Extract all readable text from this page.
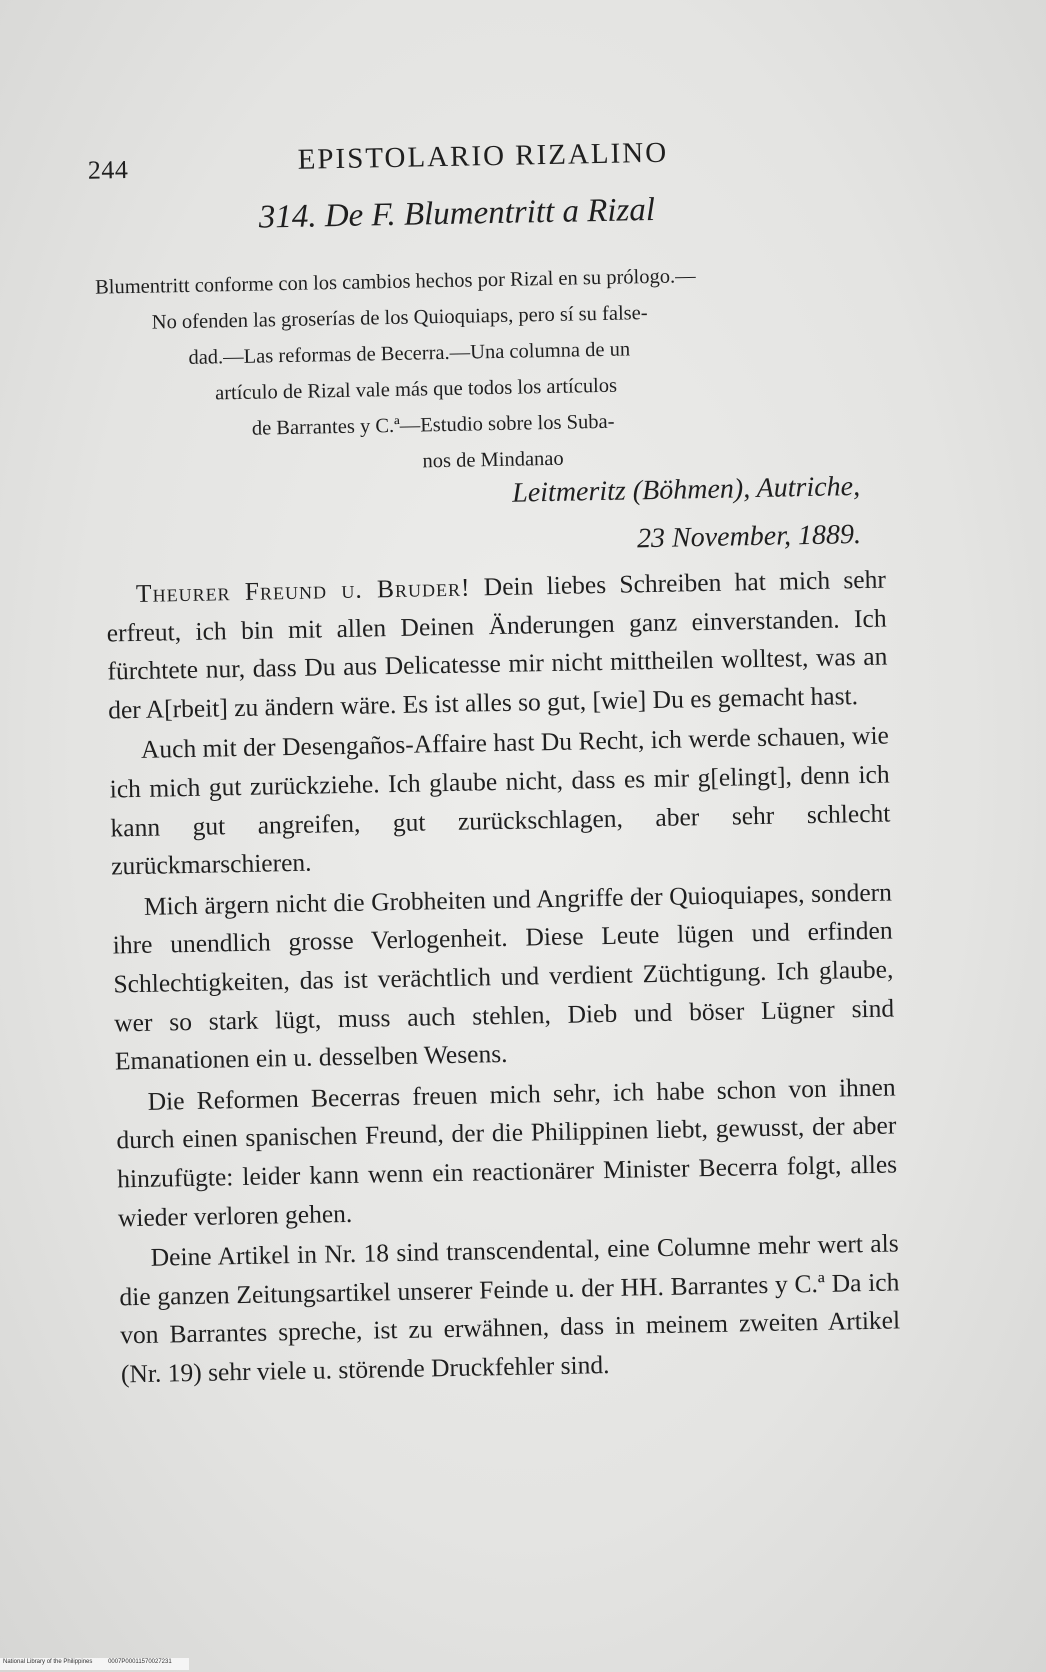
244	EPISTOLARIO RIZALINO
314. De F. Blumentritt a Rizal
Blumentritt conforme con los cambios hechos por Rizal en su prólogo.—
No ofenden las groserías de los Quioquiaps, pero sí su false-
dad.—Las reformas de Becerra.—Una columna de un
artículo de Rizal vale más que todos los artículos
de Barrantes y C.ª—Estudio sobre los Suba-
nos de Mindanao
Leitmeritz (Böhmen), Autriche,
23 November, 1889.

Theurer Freund u. Bruder! Dein liebes Schreiben hat mich sehr erfreut, ich bin mit allen Deinen Änderungen ganz einverstanden. Ich fürchtete nur, dass Du aus Delicatesse mir nicht mittheilen wolltest, was an der A[rbeit] zu ändern wäre. Es ist alles so gut, [wie] Du es gemacht hast.

Auch mit der Desengaños-Affaire hast Du Recht, ich werde schauen, wie ich mich gut zurückziehe. Ich glaube nicht, dass es mir g[elingt], denn ich kann gut angreifen, gut zurückschlagen, aber sehr schlecht zurückmarschieren.

Mich ärgern nicht die Grobheiten und Angriffe der Quioquiapes, sondern ihre unendlich grosse Verlogenheit. Diese Leute lügen und erfinden Schlechtigkeiten, das ist verächtlich und verdient Züchtigung. Ich glaube, wer so stark lügt, muss auch stehlen, Dieb und böser Lügner sind Emanationen ein u. desselben Wesens.

Die Reformen Becerras freuen mich sehr, ich habe schon von ihnen durch einen spanischen Freund, der die Philippinen liebt, gewusst, der aber hinzufügte: leider kann wenn ein reactionärer Minister Becerra folgt, alles wieder verloren gehen.

Deine Artikel in Nr. 18 sind transcendental, eine Columne mehr wert als die ganzen Zeitungsartikel unserer Feinde u. der HH. Barrantes y C.ª Da ich von Barrantes spreche, ist zu erwähnen, dass in meinem zweiten Artikel (Nr. 19) sehr viele u. störende Druckfehler sind.

National Library of the Philippines	0007P00011570027231
